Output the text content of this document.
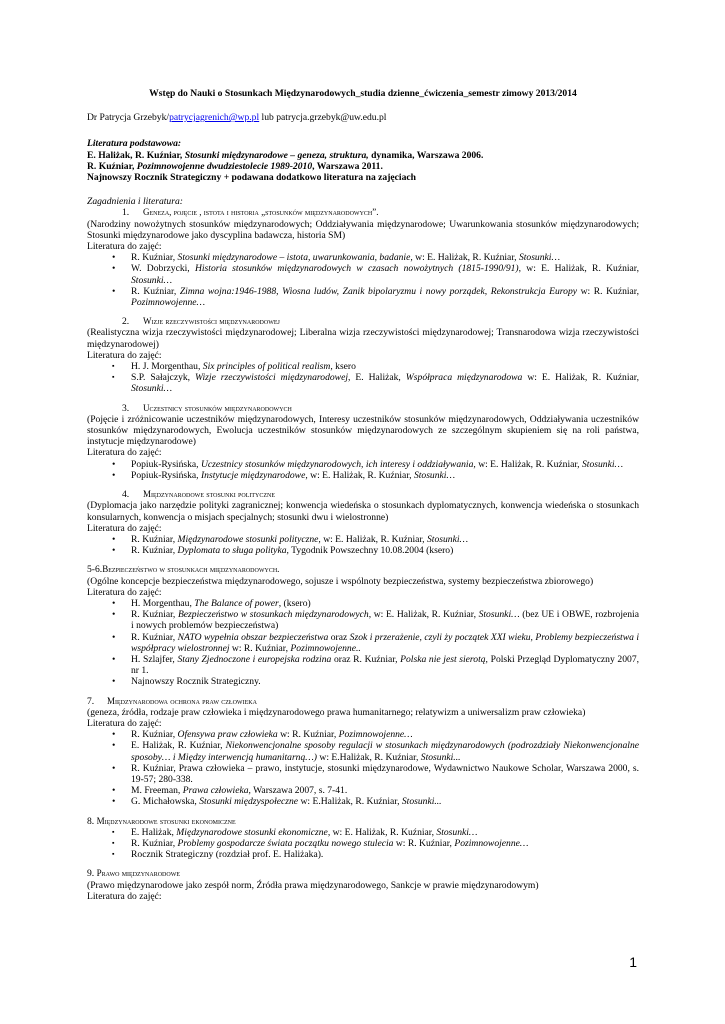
Wstęp do Nauki o Stosunkach Międzynarodowych_studia dzienne_ćwiczenia_semestr zimowy 2013/2014
Dr Patrycja Grzebyk/patrycjagrenich@wp.pl lub patrycja.grzebyk@uw.edu.pl
Literatura podstawowa:
E. Haliżak, R. Kuźniar, Stosunki międzynarodowe – geneza, struktura, dynamika, Warszawa 2006.
R. Kuźniar, Pozimnowojenne dwudziestolecie 1989-2010, Warszawa 2011.
Najnowszy Rocznik Strategiczny + podawana dodatkowo literatura na zajęciach
Zagadnienia i literatura:
1. Geneza, pojęcie , istota i historia „stosunków międzynarodowych”.
(Narodziny nowożytnych stosunków międzynarodowych; Oddziaływania międzynarodowe; Uwarunkowania stosunków międzynarodowych; Stosunki międzynarodowe jako dyscyplina badawcza, historia SM)
Literatura do zajęć:
• R. Kuźniar, Stosunki międzynarodowe – istota, uwarunkowania, badanie, w: E. Haliżak, R. Kuźniar, Stosunki…
• W. Dobrzycki, Historia stosunków międzynarodowych w czasach nowożytnych (1815-1990/91), w: E. Haliżak, R. Kuźniar, Stosunki…
• R. Kuźniar, Zimna wojna:1946-1988, Wiosna ludów, Zanik bipolaryzmu i nowy porządek, Rekonstrukcja Europy w: R. Kuźniar, Pozimnowojenne…
2. Wizje rzeczywistości międzynarodowej
(Realistyczna wizja rzeczywistości międzynarodowej; Liberalna wizja rzeczywistości międzynarodowej; Transnarodowa wizja rzeczywistości międzynarodowej)
Literatura do zajęć:
▪ H. J. Morgenthau, Six principles of political realism, ksero
▪ S.P. Sałajczyk, Wizje rzeczywistości międzynarodowej, E. Haliżak, Współpraca międzynarodowa w: E. Haliżak, R. Kuźniar, Stosunki…
3. Uczestnicy stosunków międzynarodowych
(Pojęcie i zróżnicowanie uczestników międzynarodowych, Interesy uczestników stosunków międzynarodowych, Oddziaływania uczestników stosunków międzynarodowych, Ewolucja uczestników stosunków międzynarodowych ze szczególnym skupieniem się na roli państwa, instytucje międzynarodowe)
Literatura do zajęć:
• Popiuk-Rysińska, Uczestnicy stosunków międzynarodowych, ich interesy i oddziaływania, w: E. Haliżak, R. Kuźniar, Stosunki…
• Popiuk-Rysińska, Instytucje międzynarodowe, w: E. Haliżak, R. Kuźniar, Stosunki…
4. Międzynarodowe stosunki polityczne
(Dyplomacja jako narzędzie polityki zagranicznej; konwencja wiedeńska o stosunkach dyplomatycznych, konwencja wiedeńska o stosunkach konsularnych, konwencja o misjach specjalnych; stosunki dwu i wielostronne)
Literatura do zajęć:
• R. Kuźniar, Międzynarodowe stosunki polityczne, w: E. Haliżak, R. Kuźniar, Stosunki…
• R. Kuźniar, Dyplomata to sługa polityka, Tygodnik Powszechny 10.08.2004 (ksero)
5-6.Bezpieczeństwo w stosunkach międzynarodowych.
(Ogólne koncepcje bezpieczeństwa międzynarodowego, sojusze i wspólnoty bezpieczeństwa, systemy bezpieczeństwa zbiorowego)
Literatura do zajęć:
• H. Morgenthau, The Balance of power, (ksero)
• R. Kuźniar, Bezpieczeństwo w stosunkach międzynarodowych, w: E. Haliżak, R. Kuźniar, Stosunki… (bez UE i OBWE, rozbrojenia i nowych problemów bezpieczeństwa)
• R. Kuźniar, NATO wypełnia obszar bezpieczeństwa oraz Szok i przerażenie, czyli ży początek XXI wieku, Problemy bezpieczeństwa i współpracy wielostronnej w: R. Kuźniar, Pozimnowojenne..
• H. Szlajfer, Stany Zjednoczone i europejska rodzina oraz R. Kuźniar, Polska nie jest sierotą, Polski Przegląd Dyplomatyczny 2007, nr 1.
• Najnowszy Rocznik Strategiczny.
7. Międzynarodowa ochrona praw człowieka
(geneza, źródła, rodzaje praw człowieka i międzynarodowego prawa humanitarnego; relatywizm a uniwersalizm praw człowieka)
Literatura do zajęć:
• R. Kuźniar, Ofensywa praw człowieka w: R. Kuźniar, Pozimnowojenne…
• E. Haliżak, R. Kuźniar, Niekonwencjonalne sposoby regulacji w stosunkach międzynarodowych (podrozdziały Niekonwencjonalne sposoby… i Między interwencją humanitarną…) w: E.Haliżak, R. Kuźniar, Stosunki...
• R. Kuźniar, Prawa człowieka – prawo, instytucje, stosunki międzynarodowe, Wydawnictwo Naukowe Scholar, Warszawa 2000, s. 19-57; 280-338.
• M. Freeman, Prawa człowieka, Warszawa 2007, s. 7-41.
• G. Michałowska, Stosunki międzyspołeczne w: E.Haliżak, R. Kuźniar, Stosunki...
8. Międzynarodowe stosunki ekonomiczne
▪ E. Haliżak, Międzynarodowe stosunki ekonomiczne, w: E. Haliżak, R. Kuźniar, Stosunki…
▪ R. Kuźniar, Problemy gospodarcze świata początku nowego stulecia w: R. Kuźniar, Pozimnowojenne…
▪ Rocznik Strategiczny (rozdział prof. E. Haliżaka).
9. Prawo międzynarodowe
(Prawo międzynarodowe jako zespół norm, Źródła prawa międzynarodowego, Sankcje w prawie międzynarodowym)
Literatura do zajęć:
1
